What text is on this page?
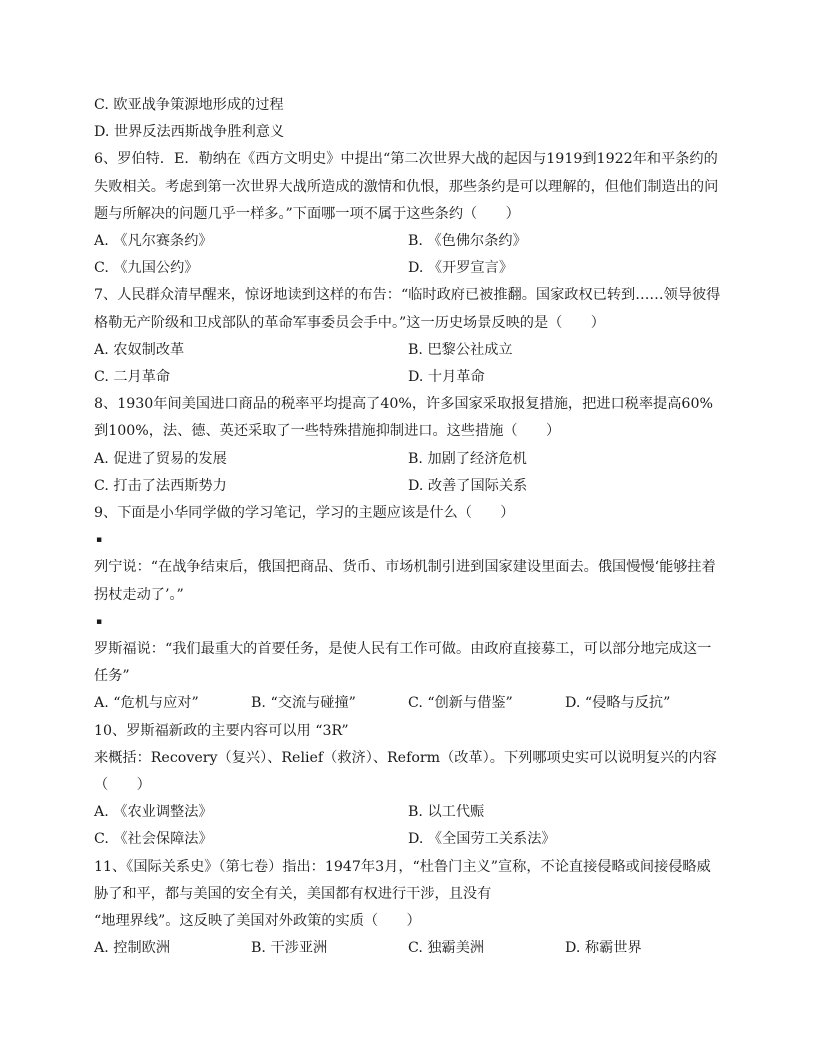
C. 欧亚战争策源地形成的过程
D. 世界反法西斯战争胜利意义
6、罗伯特．E．勒纳在《西方文明史》中提出“第二次世界大战的起因与1919到1922年和平条约的失败相关。考虑到第一次世界大战所造成的激情和仇恨，那些条约是可以理解的，但他们制造出的问题与所解决的问题几乎一样多。”下面哪一项不属于这些条约（　　）
A. 《凡尔赛条约》	B. 《色佛尔条约》
C. 《九国公约》	D. 《开罗宣言》
7、人民群众清早醒来，惊讶地读到这样的布告：“临时政府已被推翻。国家政权已转到……领导彼得格勒无产阶级和卫戍部队的革命军事委员会手中。”这一历史场景反映的是（　　）
A. 农奴制改革	B. 巴黎公社成立
C. 二月革命	D. 十月革命
8、1930年间美国进口商品的税率平均提高了40%，许多国家采取报复措施，把进口税率提高60%到100%，法、德、英还采取了一些特殊措施抑制进口。这些措施（　　）
A. 促进了贸易的发展	B. 加剧了经济危机
C. 打击了法西斯势力	D. 改善了国际关系
9、下面是小华同学做的学习笔记，学习的主题应该是什么（　　）
▪
列宁说：“在战争结束后，俄国把商品、货币、市场机制引进到国家建设里面去。俄国慢慢‘能够拄着拐杖走动了’。”
▪
罗斯福说：“我们最重大的首要任务，是使人民有工作可做。由政府直接募工，可以部分地完成这一任务”
A. “危机与应对”	B. “交流与碰撞”	C. “创新与借鉴”	D. “侵略与反抗”
10、罗斯福新政的主要内容可以用 “3R”
来概括：Recovery（复兴）、Relief（救济）、Reform（改革）。下列哪项史实可以说明复兴的内容（　　）
A. 《农业调整法》	B. 以工代赈
C. 《社会保障法》	D. 《全国劳工关系法》
11、《国际关系史》（第七卷）指出：1947年3月，“杜鲁门主义”宣称，不论直接侵略或间接侵略威胁了和平，都与美国的安全有关，美国都有权进行干涉，且没有
“地理界线”。这反映了美国对外政策的实质（　　）
A. 控制欧洲	B. 干涉亚洲	C. 独霸美洲	D. 称霸世界
